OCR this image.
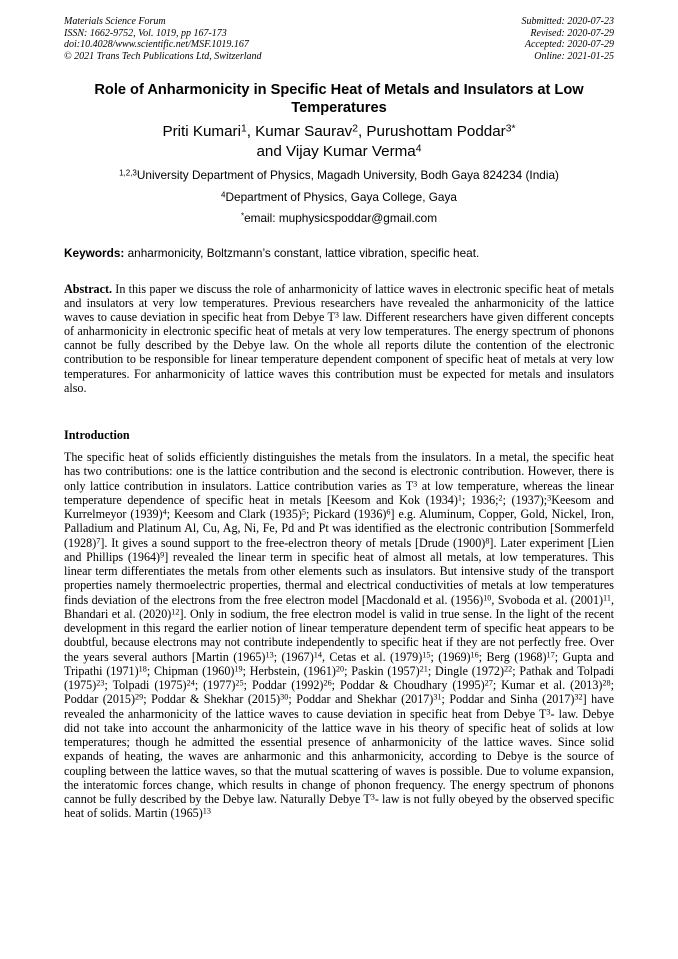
Materials Science Forum
ISSN: 1662-9752, Vol. 1019, pp 167-173
doi:10.4028/www.scientific.net/MSF.1019.167
© 2021 Trans Tech Publications Ltd, Switzerland
Submitted: 2020-07-23
Revised: 2020-07-29
Accepted: 2020-07-29
Online: 2021-01-25
Role of Anharmonicity in Specific Heat of Metals and Insulators at Low Temperatures
Priti Kumari$^1$, Kumar Saurav$^2$, Purushottam Poddar$^{3*}$
and Vijay Kumar Verma$^4$
$^{1,2,3}$University Department of Physics, Magadh University, Bodh Gaya 824234 (India)
$^4$Department of Physics, Gaya College, Gaya
*email: muphysicspoddar@gmail.com
Keywords: anharmonicity, Boltzmann’s constant, lattice vibration, specific heat.

Abstract. In this paper we discuss the role of anharmonicity of lattice waves in electronic specific heat of metals and insulators at very low temperatures. Previous researchers have revealed the anharmonicity of the lattice waves to cause deviation in specific heat from Debye $T^3$ law. Different researchers have given different concepts of anharmonicity in electronic specific heat of metals at very low temperatures. The energy spectrum of phonons cannot be fully described by the Debye law. On the whole all reports dilute the contention of the electronic contribution to be responsible for linear temperature dependent component of specific heat of metals at very low temperatures. For anharmonicity of lattice waves this contribution must be expected for metals and insulators also.

Introduction

The specific heat of solids efficiently distinguishes the metals from the insulators. In a metal, the specific heat has two contributions: one is the lattice contribution and the second is electronic contribution. However, there is only lattice contribution in insulators. Lattice contribution varies as $T^3$ at low temperature, whereas the linear temperature dependence of specific heat in metals [Keesom and Kok $(1934)^1$; 1936;$^2$; (1937);$^3$Keesom and Kurrelmeyor $(1939)^4$; Keesom and Clark $(1935)^5$; Pickard $(1936)^6$] e.g. Aluminum, Copper, Gold, Nickel, Iron, Palladium and Platinum Al, Cu, Ag, Ni, Fe, Pd and Pt was identified as the electronic contribution [Sommerfeld $(1928)^7$]. It gives a sound support to the free-electron theory of metals [Drude $(1900)^8$]. Later experiment [Lien and Phillips $(1964)^9$] revealed the linear term in specific heat of almost all metals, at low temperatures. This linear term differentiates the metals from other elements such as insulators. But intensive study of the transport properties namely thermoelectric properties, thermal and electrical conductivities of metals at low temperatures finds deviation of the electrons from the free electron model [Macdonald et al. $(1956)^{10}$, Svoboda et al. $(2001)^{11}$, Bhandari et al. $(2020)^{12}$]. Only in sodium, the free electron model is valid in true sense. In the light of the recent development in this regard the earlier notion of linear temperature dependent term of specific heat appears to be doubtful, because electrons may not contribute independently to specific heat if they are not perfectly free. Over the years several authors [Martin $(1965)^{13}$; $(1967)^{14}$, Cetas et al. $(1979)^{15}$; $(1969)^{16}$; Berg $(1968)^{17}$; Gupta and Tripathi $(1971)^{18}$; Chipman $(1960)^{19}$; Herbstein, $(1961)^{20}$; Paskin $(1957)^{21}$; Dingle $(1972)^{22}$; Pathak and Tolpadi $(1975)^{23}$; Tolpadi $(1975)^{24}$; $(1977)^{25}$; Poddar $(1992)^{26}$; Poddar & Choudhary $(1995)^{27}$; Kumar et al. $(2013)^{28}$; Poddar $(2015)^{29}$; Poddar & Shekhar $(2015)^{30}$; Poddar and Shekhar $(2017)^{31}$; Poddar and Sinha $(2017)^{32}$] have revealed the anharmonicity of the lattice waves to cause deviation in specific heat from Debye $T^3-$ law. Debye did not take into account the anharmonicity of the lattice wave in his theory of specific heat of solids at low temperatures; though he admitted the essential presence of anharmonicity of the lattice waves. Since solid expands of heating, the waves are anharmonic and this anharmonicity, according to Debye is the source of coupling between the lattice waves, so that the mutual scattering of waves is possible. Due to volume expansion, the interatomic forces change, which results in change of phonon frequency. The energy spectrum of phonons cannot be fully described by the Debye law. Naturally Debye $T^3-$ law is not fully obeyed by the observed specific heat of solids. Martin $(1965)^{13}$
